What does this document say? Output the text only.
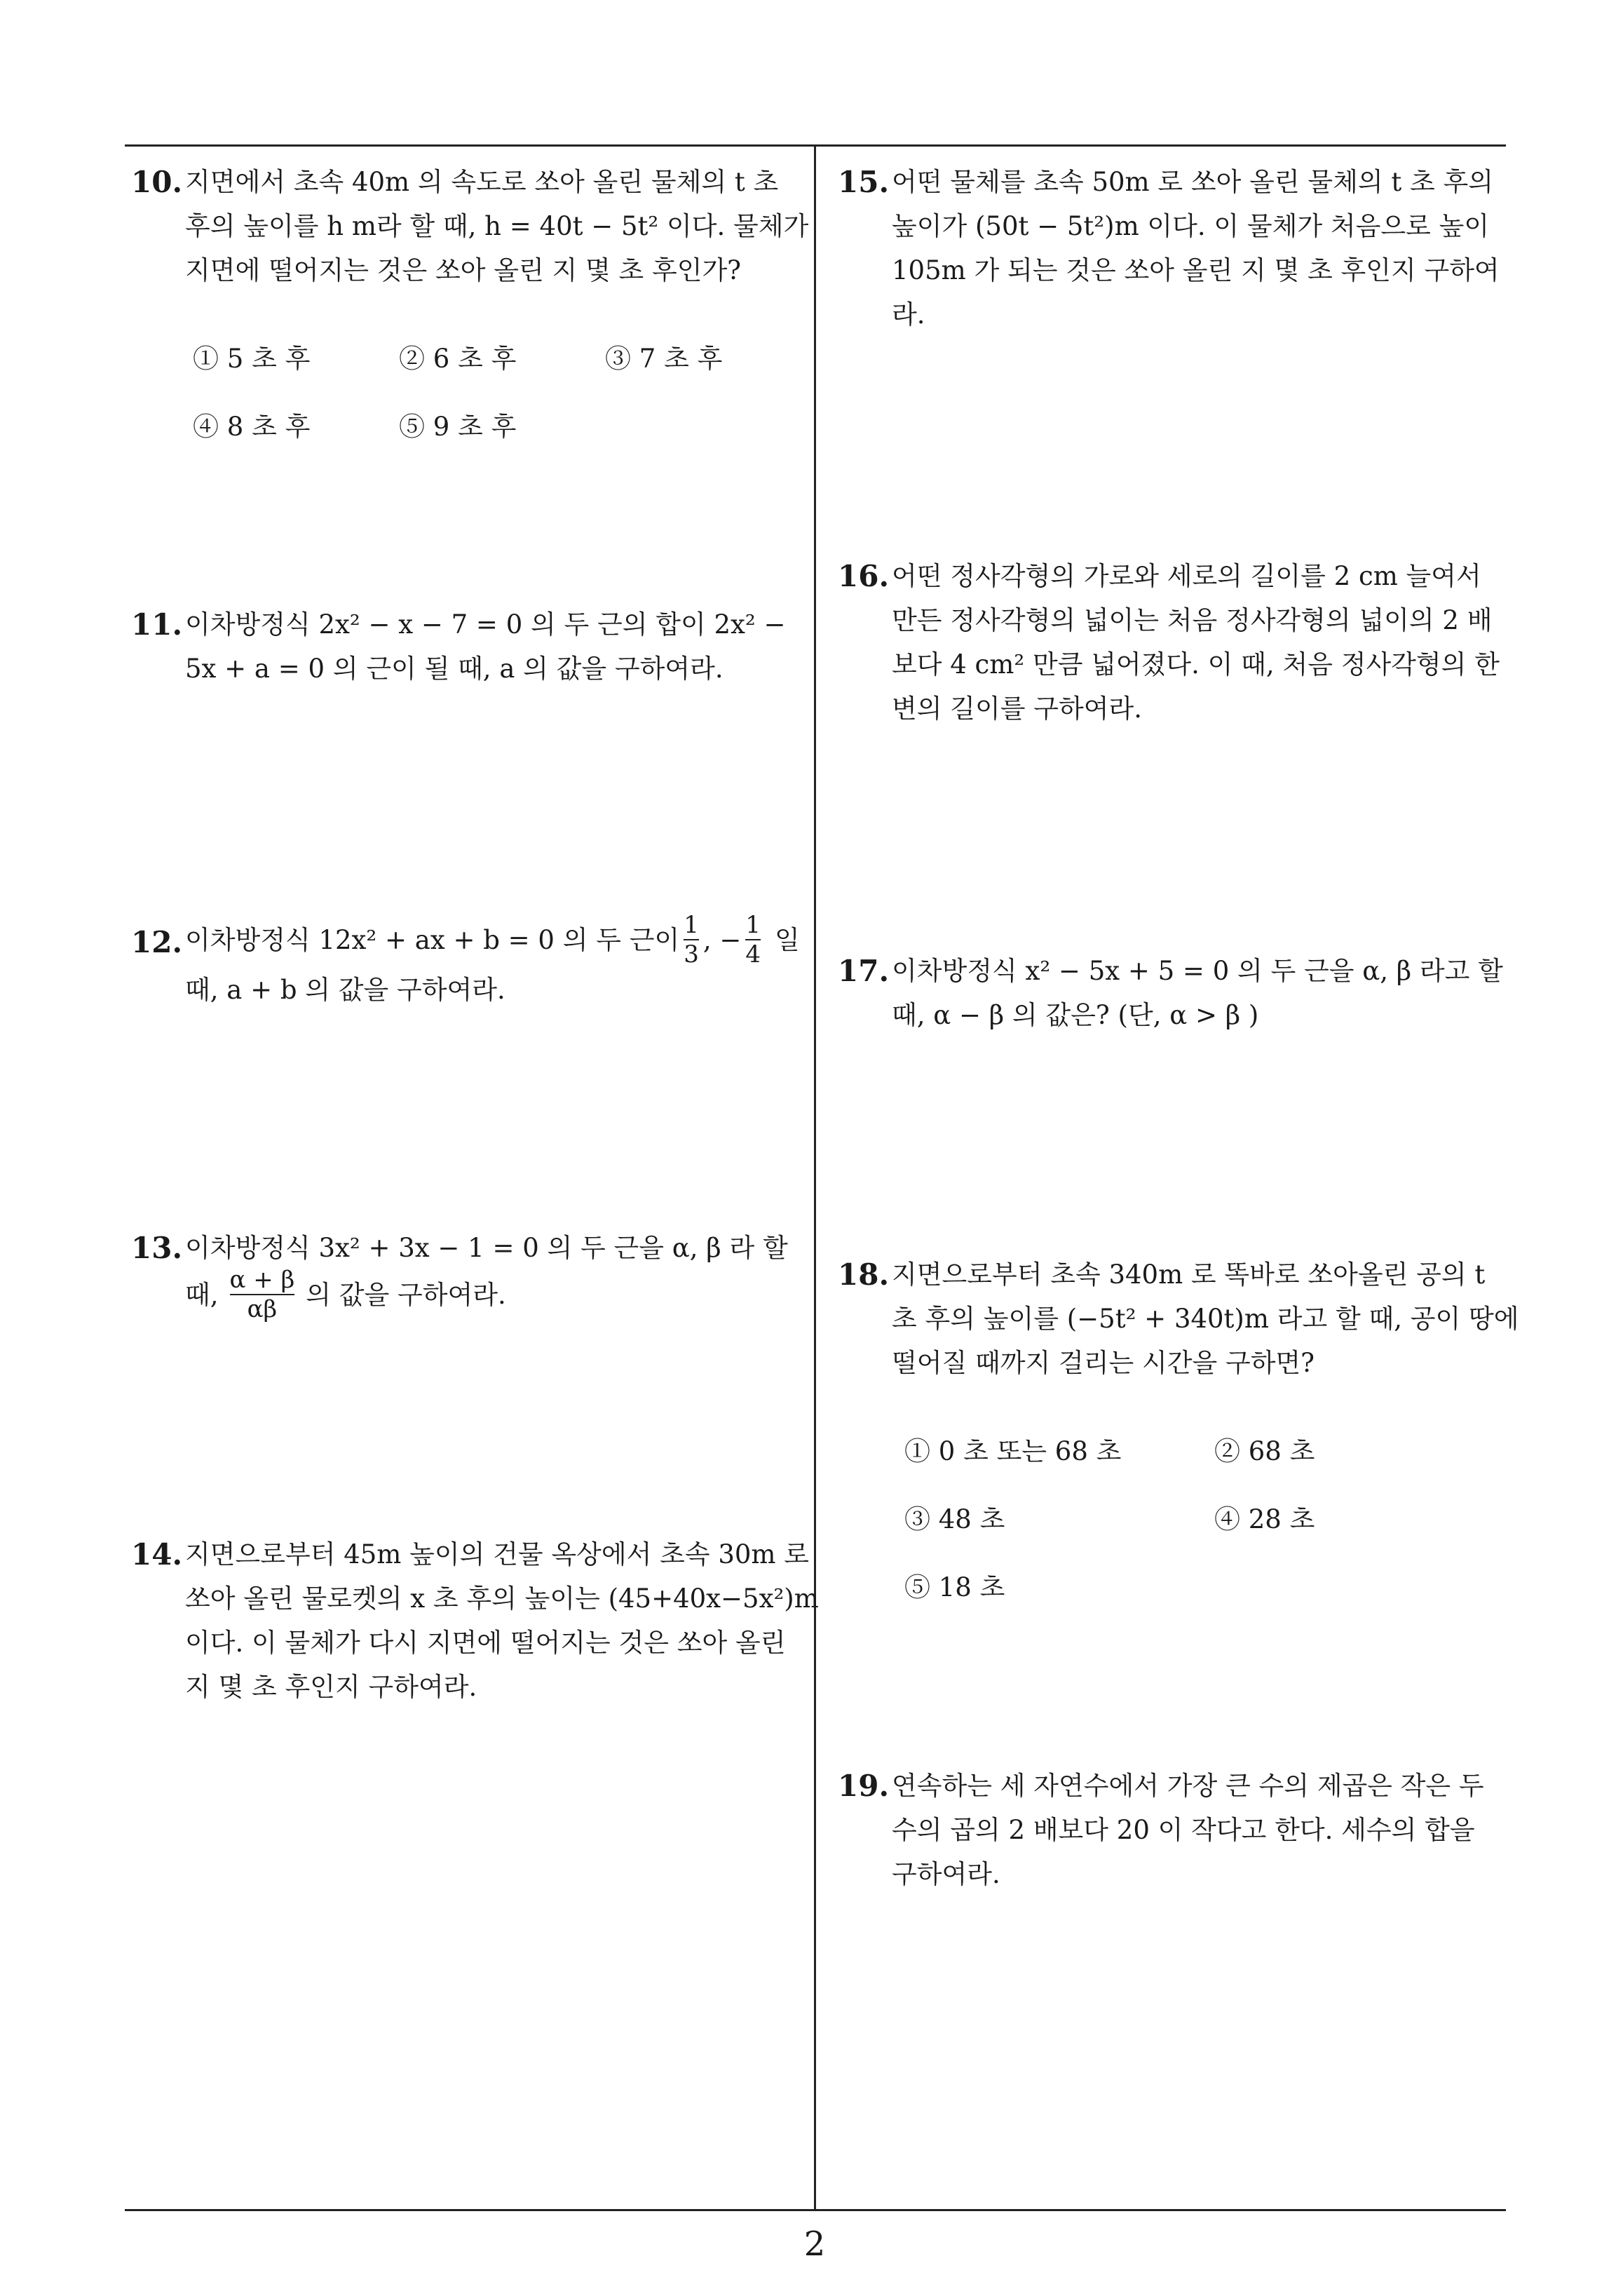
10. 지면에서 초속 40m 의 속도로 쏘아 올린 물체의 t 초
후의 높이를 h m라 할 때, h = 40t − 5t² 이다. 물체가
지면에 떨어지는 것은 쏘아 올린 지 몇 초 후인가?
① 5 초 후	② 6 초 후	③ 7 초 후
④ 8 초 후	⑤ 9 초 후
11. 이차방정식 2x² − x − 7 = 0 의 두 근의 합이 2x² −
5x + a = 0 의 근이 될 때, a 의 값을 구하여라.
12. 이차방정식 12x² + ax + b = 0 의 두 근이 $\frac{1}{3}$ , − $\frac{1}{4}$ 일
때, a + b 의 값을 구하여라.
13. 이차방정식 3x² + 3x − 1 = 0 의 두 근을 α, β 라 할
때, $\frac{\alpha + \beta}{\alpha\beta}$ 의 값을 구하여라.
14. 지면으로부터 45m 높이의 건물 옥상에서 초속 30m 로
쏘아 올린 물로켓의 x 초 후의 높이는 (45+40x−5x²)m
이다. 이 물체가 다시 지면에 떨어지는 것은 쏘아 올린
지 몇 초 후인지 구하여라.
15. 어떤 물체를 초속 50m 로 쏘아 올린 물체의 t 초 후의
높이가 (50t − 5t²)m 이다. 이 물체가 처음으로 높이
105m 가 되는 것은 쏘아 올린 지 몇 초 후인지 구하여
라.
16. 어떤 정사각형의 가로와 세로의 길이를 2 cm 늘여서
만든 정사각형의 넓이는 처음 정사각형의 넓이의 2 배
보다 4 cm² 만큼 넓어졌다. 이 때, 처음 정사각형의 한
변의 길이를 구하여라.
17. 이차방정식 x² − 5x + 5 = 0 의 두 근을 α, β 라고 할
때, α − β 의 값은? (단, α > β )
18. 지면으로부터 초속 340m 로 똑바로 쏘아올린 공의 t
초 후의 높이를 (−5t² + 340t)m 라고 할 때, 공이 땅에
떨어질 때까지 걸리는 시간을 구하면?
① 0 초 또는 68 초	② 68 초
③ 48 초	④ 28 초
⑤ 18 초
19. 연속하는 세 자연수에서 가장 큰 수의 제곱은 작은 두
수의 곱의 2 배보다 20 이 작다고 한다. 세수의 합을
구하여라.
2
